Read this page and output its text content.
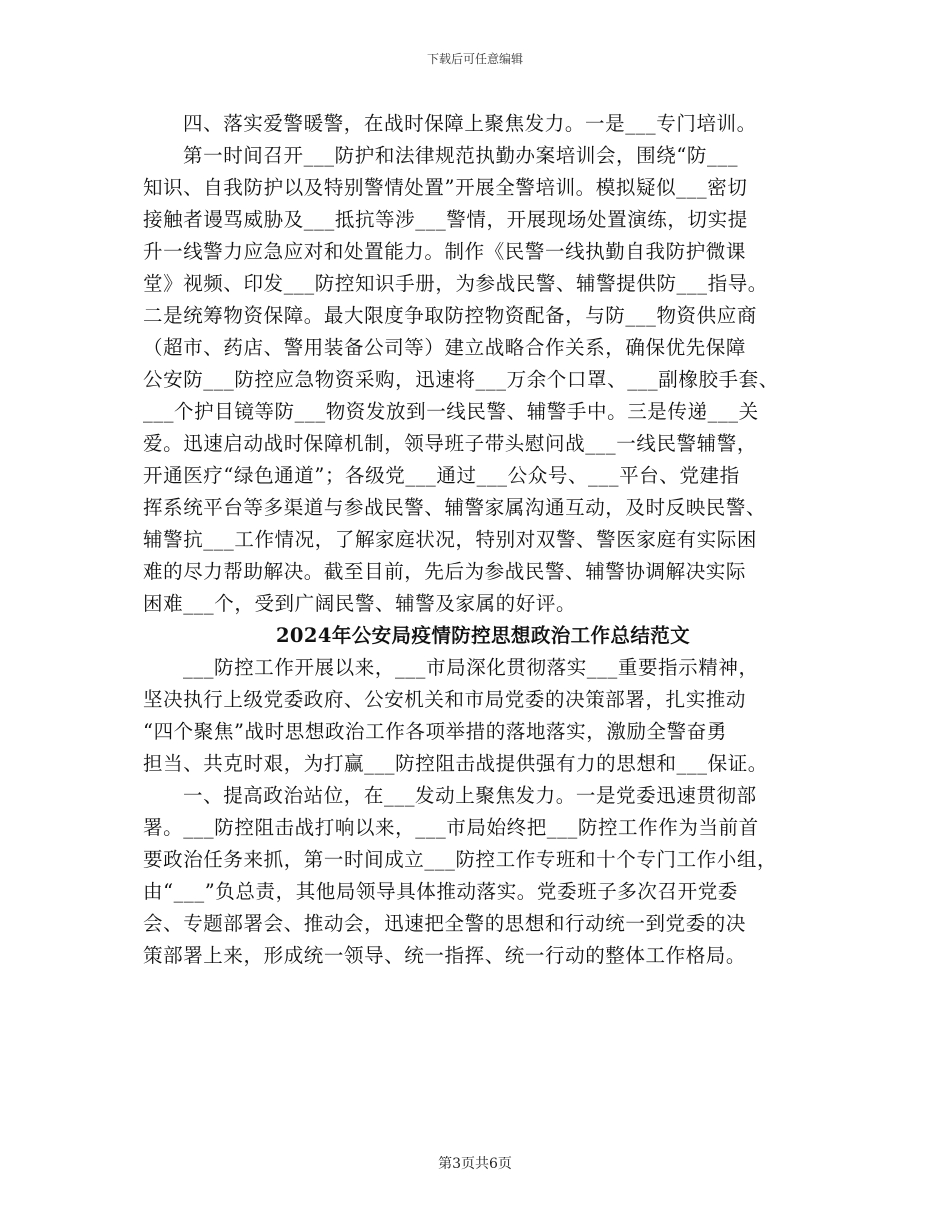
下载后可任意编辑
四、落实爱警暖警，在战时保障上聚焦发力。一是___专门培训。
第一时间召开___防护和法律规范执勤办案培训会，围绕“防___
知识、自我防护以及特别警情处置”开展全警培训。模拟疑似___密切
接触者谩骂威胁及___抵抗等涉___警情，开展现场处置演练，切实提
升一线警力应急应对和处置能力。制作《民警一线执勤自我防护微课
堂》视频、印发___防控知识手册，为参战民警、辅警提供防___指导。
二是统筹物资保障。最大限度争取防控物资配备，与防___物资供应商
（超市、药店、警用装备公司等）建立战略合作关系，确保优先保障
公安防___防控应急物资采购，迅速将___万余个口罩、___副橡胶手套、
___个护目镜等防___物资发放到一线民警、辅警手中。三是传递___关
爱。迅速启动战时保障机制，领导班子带头慰问战___一线民警辅警，
开通医疗“绿色通道”；各级党___通过___公众号、___平台、党建指
挥系统平台等多渠道与参战民警、辅警家属沟通互动，及时反映民警、
辅警抗___工作情况，了解家庭状况，特别对双警、警医家庭有实际困
难的尽力帮助解决。截至目前，先后为参战民警、辅警协调解决实际
困难___个，受到广阔民警、辅警及家属的好评。
2024年公安局疫情防控思想政治工作总结范文
___防控工作开展以来，___市局深化贯彻落实___重要指示精神，
坚决执行上级党委政府、公安机关和市局党委的决策部署，扎实推动
“四个聚焦”战时思想政治工作各项举措的落地落实，激励全警奋勇
担当、共克时艰，为打赢___防控阻击战提供强有力的思想和___保证。
一、提高政治站位，在___发动上聚焦发力。一是党委迅速贯彻部
署。___防控阻击战打响以来，___市局始终把___防控工作作为当前首
要政治任务来抓，第一时间成立___防控工作专班和十个专门工作小组，
由“___”负总责，其他局领导具体推动落实。党委班子多次召开党委
会、专题部署会、推动会，迅速把全警的思想和行动统一到党委的决
策部署上来，形成统一领导、统一指挥、统一行动的整体工作格局。
第3页共6页
